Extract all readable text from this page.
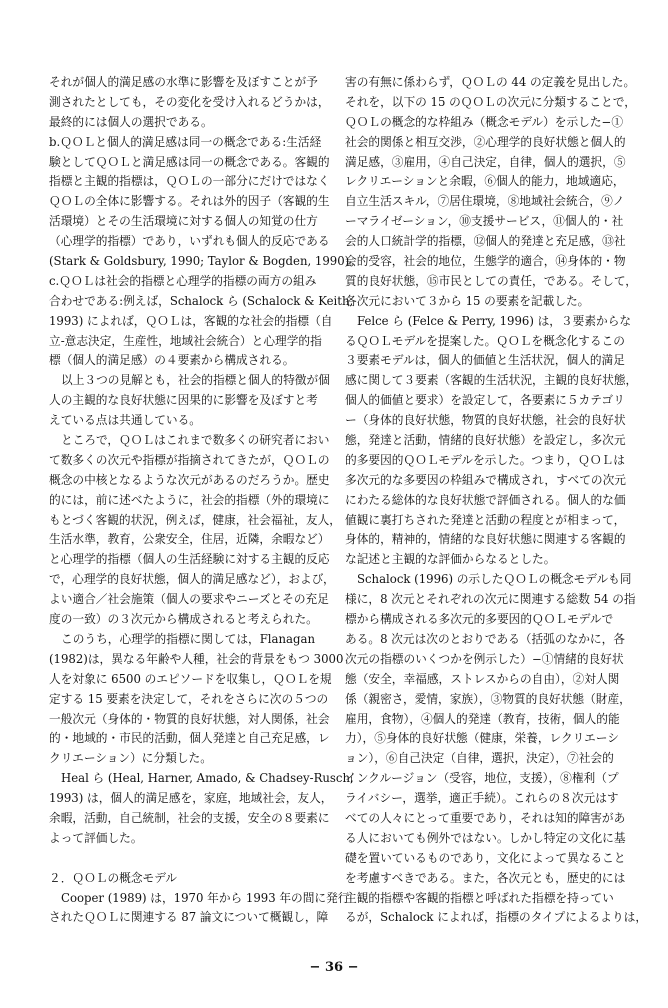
それが個人的満足感の水準に影響を及ぼすことが予
測されたとしても，その変化を受け入れるどうかは，
最終的には個人の選択である。
b.ＱＯＬと個人的満足感は同一の概念である:生活経
験としてＱＯＬと満足感は同一の概念である。客観的
指標と主観的指標は，ＱＯＬの一部分にだけではなく
ＱＯＬの全体に影響する。それは外的因子（客観的生
活環境）とその生活環境に対する個人の知覚の仕方
（心理学的指標）であり，いずれも個人的反応である
(Stark & Goldsbury, 1990; Taylor & Bogden, 1990)。
c.ＱＯＬは社会的指標と心理学的指標の両方の組み
合わせである:例えば，Schalock ら (Schalock & Keith,
1993) によれば，ＱＯＬは，客観的な社会的指標（自
立-意志決定，生産性，地域社会統合）と心理学的指
標（個人的満足感）の４要素から構成される。
以上３つの見解とも，社会的指標と個人的特徴が個
人の主観的な良好状態に因果的に影響を及ぼすと考
えている点は共通している。
ところで，ＱＯＬはこれまで数多くの研究者におい
て数多くの次元や指標が指摘されてきたが，ＱＯＬの
概念の中核となるような次元があるのだろうか。歴史
的には，前に述べたように，社会的指標（外的環境に
もとづく客観的状況，例えば，健康，社会福祉，友人，
生活水準，教育，公衆安全，住居，近隣，余暇など）
と心理学的指標（個人の生活経験に対する主観的反応
で，心理学的良好状態，個人的満足感など），および，
よい適合／社会施策（個人の要求やニーズとその充足
度の一致）の３次元から構成されると考えられた。
このうち，心理学的指標に関しては，Flanagan
(1982)は，異なる年齢や人種，社会的背景をもつ 3000
人を対象に 6500 のエピソードを収集し，ＱＯＬを規
定する 15 要素を決定して，それをさらに次の５つの
一般次元（身体的・物質的良好状態，対人関係，社会
的・地域的・市民的活動，個人発達と自己充足感，レ
クリエーション）に分類した。
Heal ら (Heal, Harner, Amado, & Chadsey-Rusch,
1993) は，個人的満足感を，家庭，地域社会，友人，
余暇，活動，自己統制，社会的支援，安全の８要素に
よって評価した。
２．ＱＯＬの概念モデル
Cooper (1989) は，1970 年から 1993 年の間に発行
されたＱＯＬに関連する 87 論文について概観し，障
害の有無に係わらず，ＱＯＬの 44 の定義を見出した。
それを，以下の 15 のＱＯＬの次元に分類することで，
ＱＯＬの概念的な枠組み（概念モデル）を示した−①
社会的関係と相互交渉，②心理学的良好状態と個人的
満足感，③雇用，④自己決定，自律，個人的選択，⑤
レクリエーションと余暇，⑥個人的能力，地域適応，
自立生活スキル，⑦居住環境，⑧地域社会統合，⑨ノ
ーマライゼーション，⑩支援サービス，⑪個人的・社
会的人口統計学的指標，⑫個人的発達と充足感，⑬社
会的受容，社会的地位，生態学的適合，⑭身体的・物
質的良好状態，⑮市民としての責任，である。そして，
各次元において３から 15 の要素を記載した。
Felce ら (Felce & Perry, 1996) は，３要素からな
るＱＯＬモデルを提案した。ＱＯＬを概念化するこの
３要素モデルは，個人的価値と生活状況，個人的満足
感に関して３要素（客観的生活状況，主観的良好状態，
個人的価値と要求）を設定して，各要素に５カテゴリ
ー（身体的良好状態，物質的良好状態，社会的良好状
態，発達と活動，情緒的良好状態）を設定し，多次元
的多要因的ＱＯＬモデルを示した。つまり，ＱＯＬは
多次元的な多要因の枠組みで構成され，すべての次元
にわたる総体的な良好状態で評価される。個人的な価
値観に裏打ちされた発達と活動の程度とが相まって，
身体的，精神的，情緒的な良好状態に関連する客観的
な記述と主観的な評価からなるとした。
Schalock (1996) の示したＱＯＬの概念モデルも同
様に，8 次元とそれぞれの次元に関連する総数 54 の指
標から構成される多次元的多要因的ＱＯＬモデルで
ある。8 次元は次のとおりである（括弧のなかに，各
次元の指標のいくつかを例示した）−①情緒的良好状
態（安全，幸福感，ストレスからの自由），②対人関
係（親密さ，愛情，家族），③物質的良好状態（財産，
雇用，食物），④個人的発達（教育，技術，個人的能
力），⑤身体的良好状態（健康，栄養，レクリエーシ
ョン），⑥自己決定（自律，選択，決定），⑦社会的
インクルージョン（受容，地位，支援），⑧権利（プ
ライバシー，選挙，適正手続）。これらの８次元はす
べての人々にとって重要であり，それは知的障害があ
る人においても例外ではない。しかし特定の文化に基
礎を置いているものであり，文化によって異なること
を考慮すべきである。また，各次元とも，歴史的には
主観的指標や客観的指標と呼ばれた指標を持ってい
るが，Schalock によれば，指標のタイプによるよりは，
− 36 −
